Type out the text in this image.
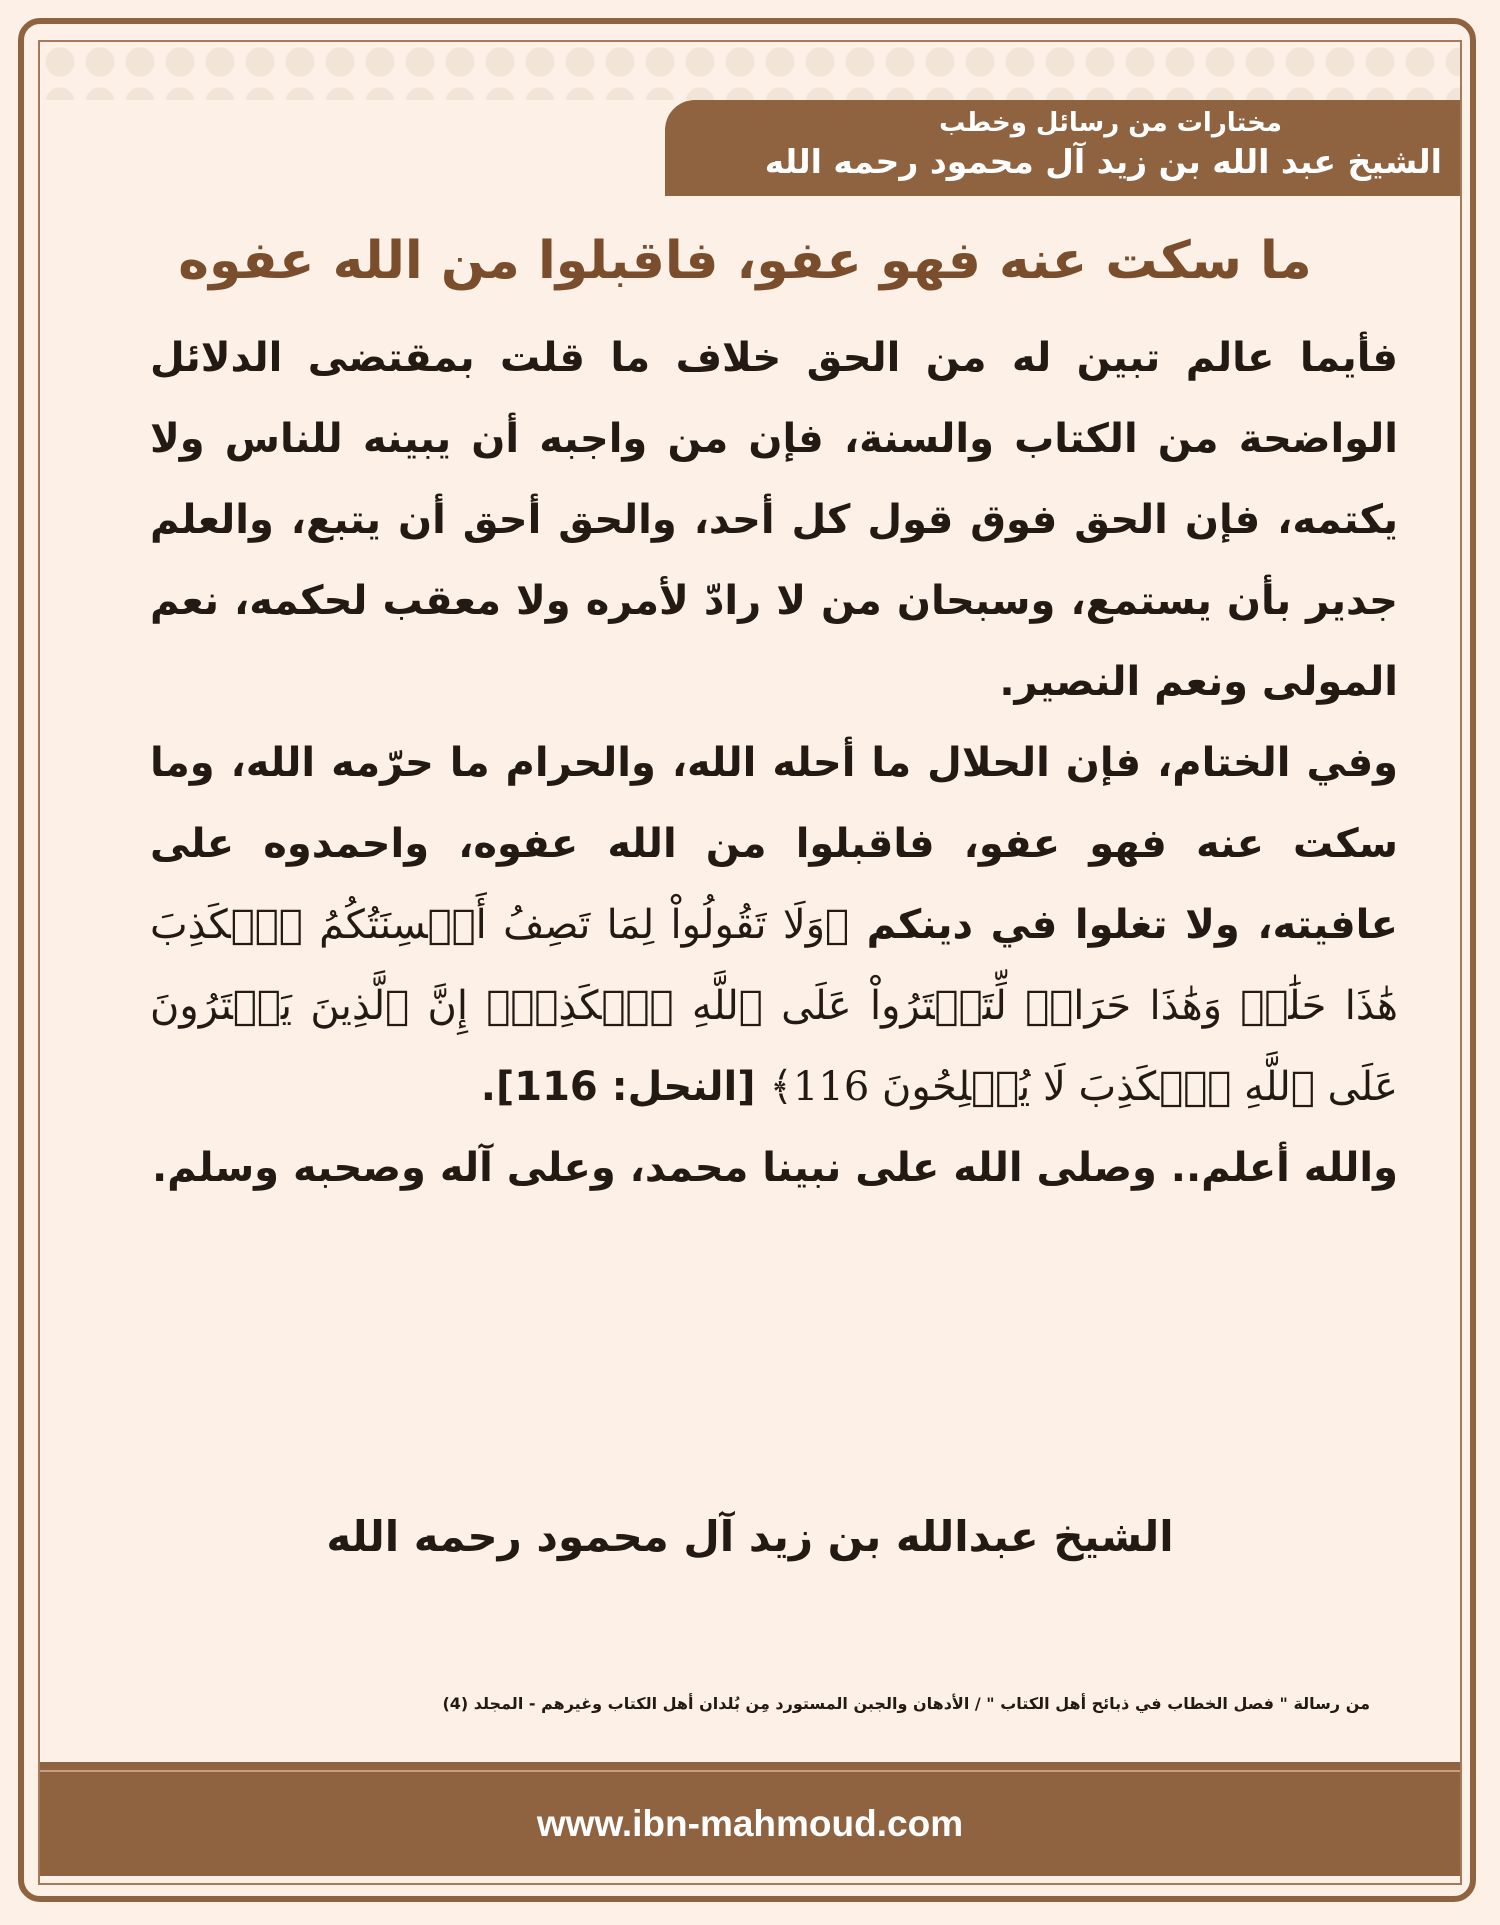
مختارات من رسائل وخطب
الشيخ عبد الله بن زيد آل محمود رحمه الله
ما سكت عنه فهو عفو، فاقبلوا من الله عفوه

فأيما عالم تبين له من الحق خلاف ما قلت بمقتضى الدلائل الواضحة من الكتاب والسنة، فإن من واجبه أن يبينه للناس ولا يكتمه، فإن الحق فوق قول كل أحد، والحق أحق أن يتبع، والعلم جدير بأن يستمع، وسبحان من لا رادّ لأمره ولا معقب لحكمه، نعم المولى ونعم النصير.

وفي الختام، فإن الحلال ما أحله الله، والحرام ما حرّمه الله، وما سكت عنه فهو عفو، فاقبلوا من الله عفوه، واحمدوه على عافيته، ولا تغلوا في دينكم ﴿وَلَا تَقُولُواْ لِمَا تَصِفُ أَلۡسِنَتُكُمُ ٱلۡكَذِبَ هَٰذَا حَلَٰلٞ وَهَٰذَا حَرَامٞ لِّتَفۡتَرُواْ عَلَى ٱللَّهِ ٱلۡكَذِبَۚ إِنَّ ٱلَّذِينَ يَفۡتَرُونَ عَلَى ٱللَّهِ ٱلۡكَذِبَ لَا يُفۡلِحُونَ 116﴾ [النحل: 116].

والله أعلم.. وصلى الله على نبينا محمد، وعلى آله وصحبه وسلم.

الشيخ عبدالله بن زيد آل محمود رحمه الله
من رسالة " فصل الخطاب في ذبائح أهل الكتاب " / الأدهان والجبن المستورد مِن بُلدان أهل الكتاب وغيرهم - المجلد (4)
www.ibn-mahmoud.com
